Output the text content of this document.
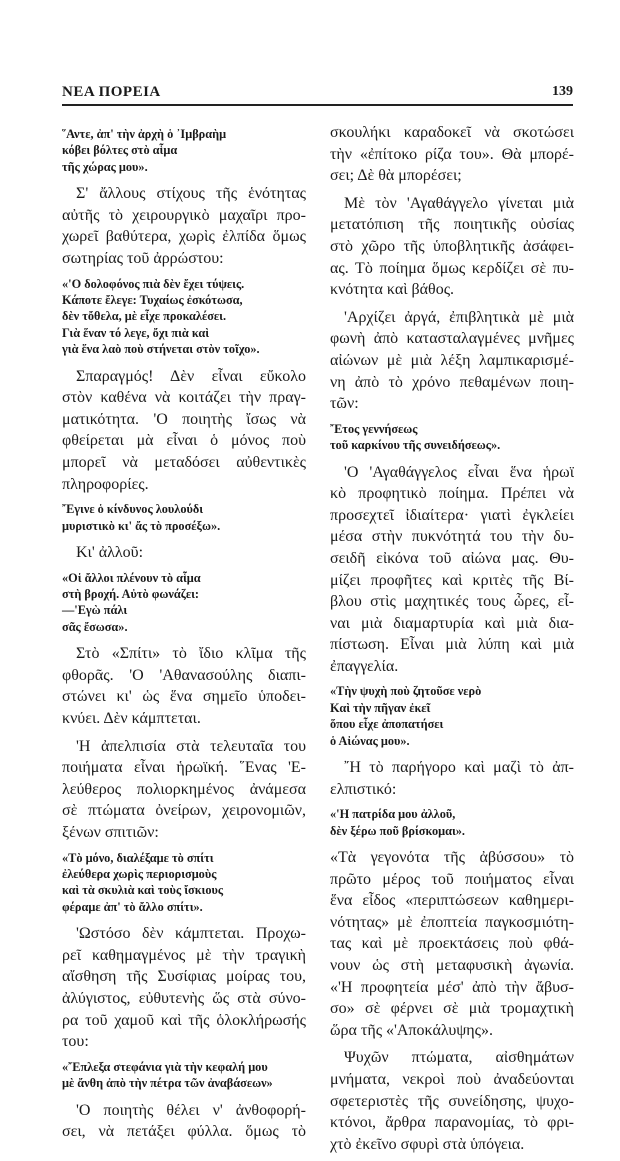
ΝΕΑ ΠΟΡΕΙΑ	139
῞Αντε, ἀπ' τὴν ἀρχὴ ὁ ᾿Ιμβραὴμ
κόβει βόλτες στὸ αἷμα
τῆς χώρας μου».
Σ' ἄλλους στίχους τῆς ἑνότητας
αὐτῆς τὸ χειρουργικὸ μαχαῖρι προ-
χωρεῖ βαθύτερα, χωρὶς ἐλπίδα ὅμως
σωτηρίας τοῦ ἀρρώστου:
«'Ο δολοφόνος πιὰ δὲν ἔχει τύψεις.
Κάποτε ἔλεγε: Τυχαίως ἐσκότωσα,
δὲν τὄθελα, μὲ εἶχε προκαλέσει.
Γιὰ ἕναν τό λεγε, ὄχι πιὰ καὶ
γιὰ ἕνα λαὸ ποὺ στήνεται στὸν τοῖχο».
Σπαραγμός! Δὲν εἶναι εὔκολο
στὸν καθένα νὰ κοιτάζει τὴν πραγ-
ματικότητα. 'Ο ποιητὴς ἴσως νὰ
φθείρεται μὰ εἶναι ὁ μόνος ποὺ
μπορεῖ νὰ μεταδόσει αὐθεντικὲς
πληροφορίες.
῎Εγινε ὁ κίνδυνος λουλούδι
μυριστικὸ κι' ἄς τὸ προσέξω».
Κι' ἀλλοῦ:
«Οἱ ἄλλοι πλένουν τὸ αἷμα
στὴ βροχή. Αὐτὸ φωνάζει:
—'Εγὼ πάλι
σᾶς ἔσωσα».
Στὸ «Σπίτι» τὸ ἴδιο κλῖμα τῆς
φθορᾶς. 'Ο 'Αθανασούλης διαπι-
στώνει κι' ὡς ἕνα σημεῖο ὑποδει-
κνύει. Δὲν κάμπτεται.
'Η ἀπελπισία στὰ τελευταῖα του
ποιήματα εἶναι ἡρωϊκή. ῞Ενας 'Ε-
λεύθερος πολιορκημένος ἀνάμεσα
σὲ πτώματα ὀνείρων, χειρονομιῶν,
ξένων σπιτιῶν:
«Τὸ μόνο, διαλέξαμε τὸ σπίτι
ἐλεύθερα χωρὶς περιορισμοὺς
καὶ τὰ σκυλιὰ καὶ τοὺς ἴσκιους
φέραμε ἀπ' τὸ ἄλλο σπίτι».
'Ωστόσο δὲν κάμπτεται. Προχω-
ρεῖ καθημαγμένος μὲ τὴν τραγικὴ
αἴσθηση τῆς Συσίφιας μοίρας του,
ἀλύγιστος, εὐθυτενὴς ὥς στὰ σύνο-
ρα τοῦ χαμοῦ καὶ τῆς ὁλοκλήρωσής
του:
«῎Επλεξα στεφάνια γιὰ τὴν κεφαλή μου
μὲ ἄνθη ἀπὸ τὴν πέτρα τῶν ἀναβάσεων»
'Ο ποιητὴς θέλει ν' ἀνθοφορή-
σει, νὰ πετάξει φύλλα. ὅμως τὸ
σκουλήκι καραδοκεῖ νὰ σκοτώσει
τὴν «ἐπίτοκο ρίζα του». Θὰ μπορέ-
σει; Δὲ θὰ μπορέσει;
Μὲ τὸν 'Αγαθάγγελο γίνεται μιὰ
μετατόπιση τῆς ποιητικῆς οὐσίας
στὸ χῶρο τῆς ὑποβλητικῆς ἀσάφει-
ας. Τὸ ποίημα ὅμως κερδίζει σὲ πυ-
κνότητα καὶ βάθος.
'Αρχίζει ἀργά, ἐπιβλητικὰ μὲ μιὰ
φωνὴ ἀπὸ κατασταλαγμένες μνῆμες
αἰώνων μὲ μιὰ λέξη λαμπικαρισμέ-
νη ἀπὸ τὸ χρόνο πεθαμένων ποιη-
τῶν:
῎Ετος γεννήσεως
τοῦ καρκίνου τῆς συνειδήσεως».
'Ο 'Αγαθάγγελος εἶναι ἕνα ἡρωϊ
κὸ προφητικὸ ποίημα. Πρέπει νὰ
προσεχτεῖ ἰδιαίτερα· γιατὶ ἐγκλείει
μέσα στὴν πυκνότητά του τὴν δυ-
σειδῆ εἰκόνα τοῦ αἰώνα μας. Θυ-
μίζει προφῆτες καὶ κριτὲς τῆς Βί-
βλου στὶς μαχητικές τους ὧρες, εἶ-
ναι μιὰ διαμαρτυρία καὶ μιὰ δια-
πίστωση. Εἶναι μιὰ λύπη καὶ μιὰ
ἐπαγγελία.
«Τὴν ψυχὴ ποὺ ζητοῦσε νερὸ
Καὶ τὴν πῆγαν ἐκεῖ
ὅπου εἶχε ἀποπατήσει
ὁ Αἰώνας μου».
῎Η τὸ παρήγορο καὶ μαζὶ τὸ ἀπ-
ελπιστικό:
«'Η πατρίδα μου ἀλλοῦ,
δὲν ξέρω ποῦ βρίσκομαι».
«Τὰ γεγονότα τῆς ἀβύσσου» τὸ
πρῶτο μέρος τοῦ ποιήματος εἶναι
ἕνα εἶδος «περιπτώσεων καθημερι-
νότητας» μὲ ἐποπτεία παγκοσμιότη-
τας καὶ μὲ προεκτάσεις ποὺ φθά-
νουν ὡς στὴ μεταφυσικὴ ἀγωνία.
«'Η προφητεία μέσ' ἀπὸ τὴν ἄβυσ-
σο» σὲ φέρνει σὲ μιὰ τρομαχτικὴ
ὥρα τῆς «'Αποκάλυψης».
Ψυχῶν πτώματα, αἰσθημάτων
μνήματα, νεκροὶ ποὺ ἀναδεύονται
σφετεριστὲς τῆς συνείδησης, ψυχο-
κτόνοι, ἄρθρα παρανομίας, τὸ φρι-
χτὸ ἐκεῖνο σφυρὶ στὰ ὑπόγεια.
